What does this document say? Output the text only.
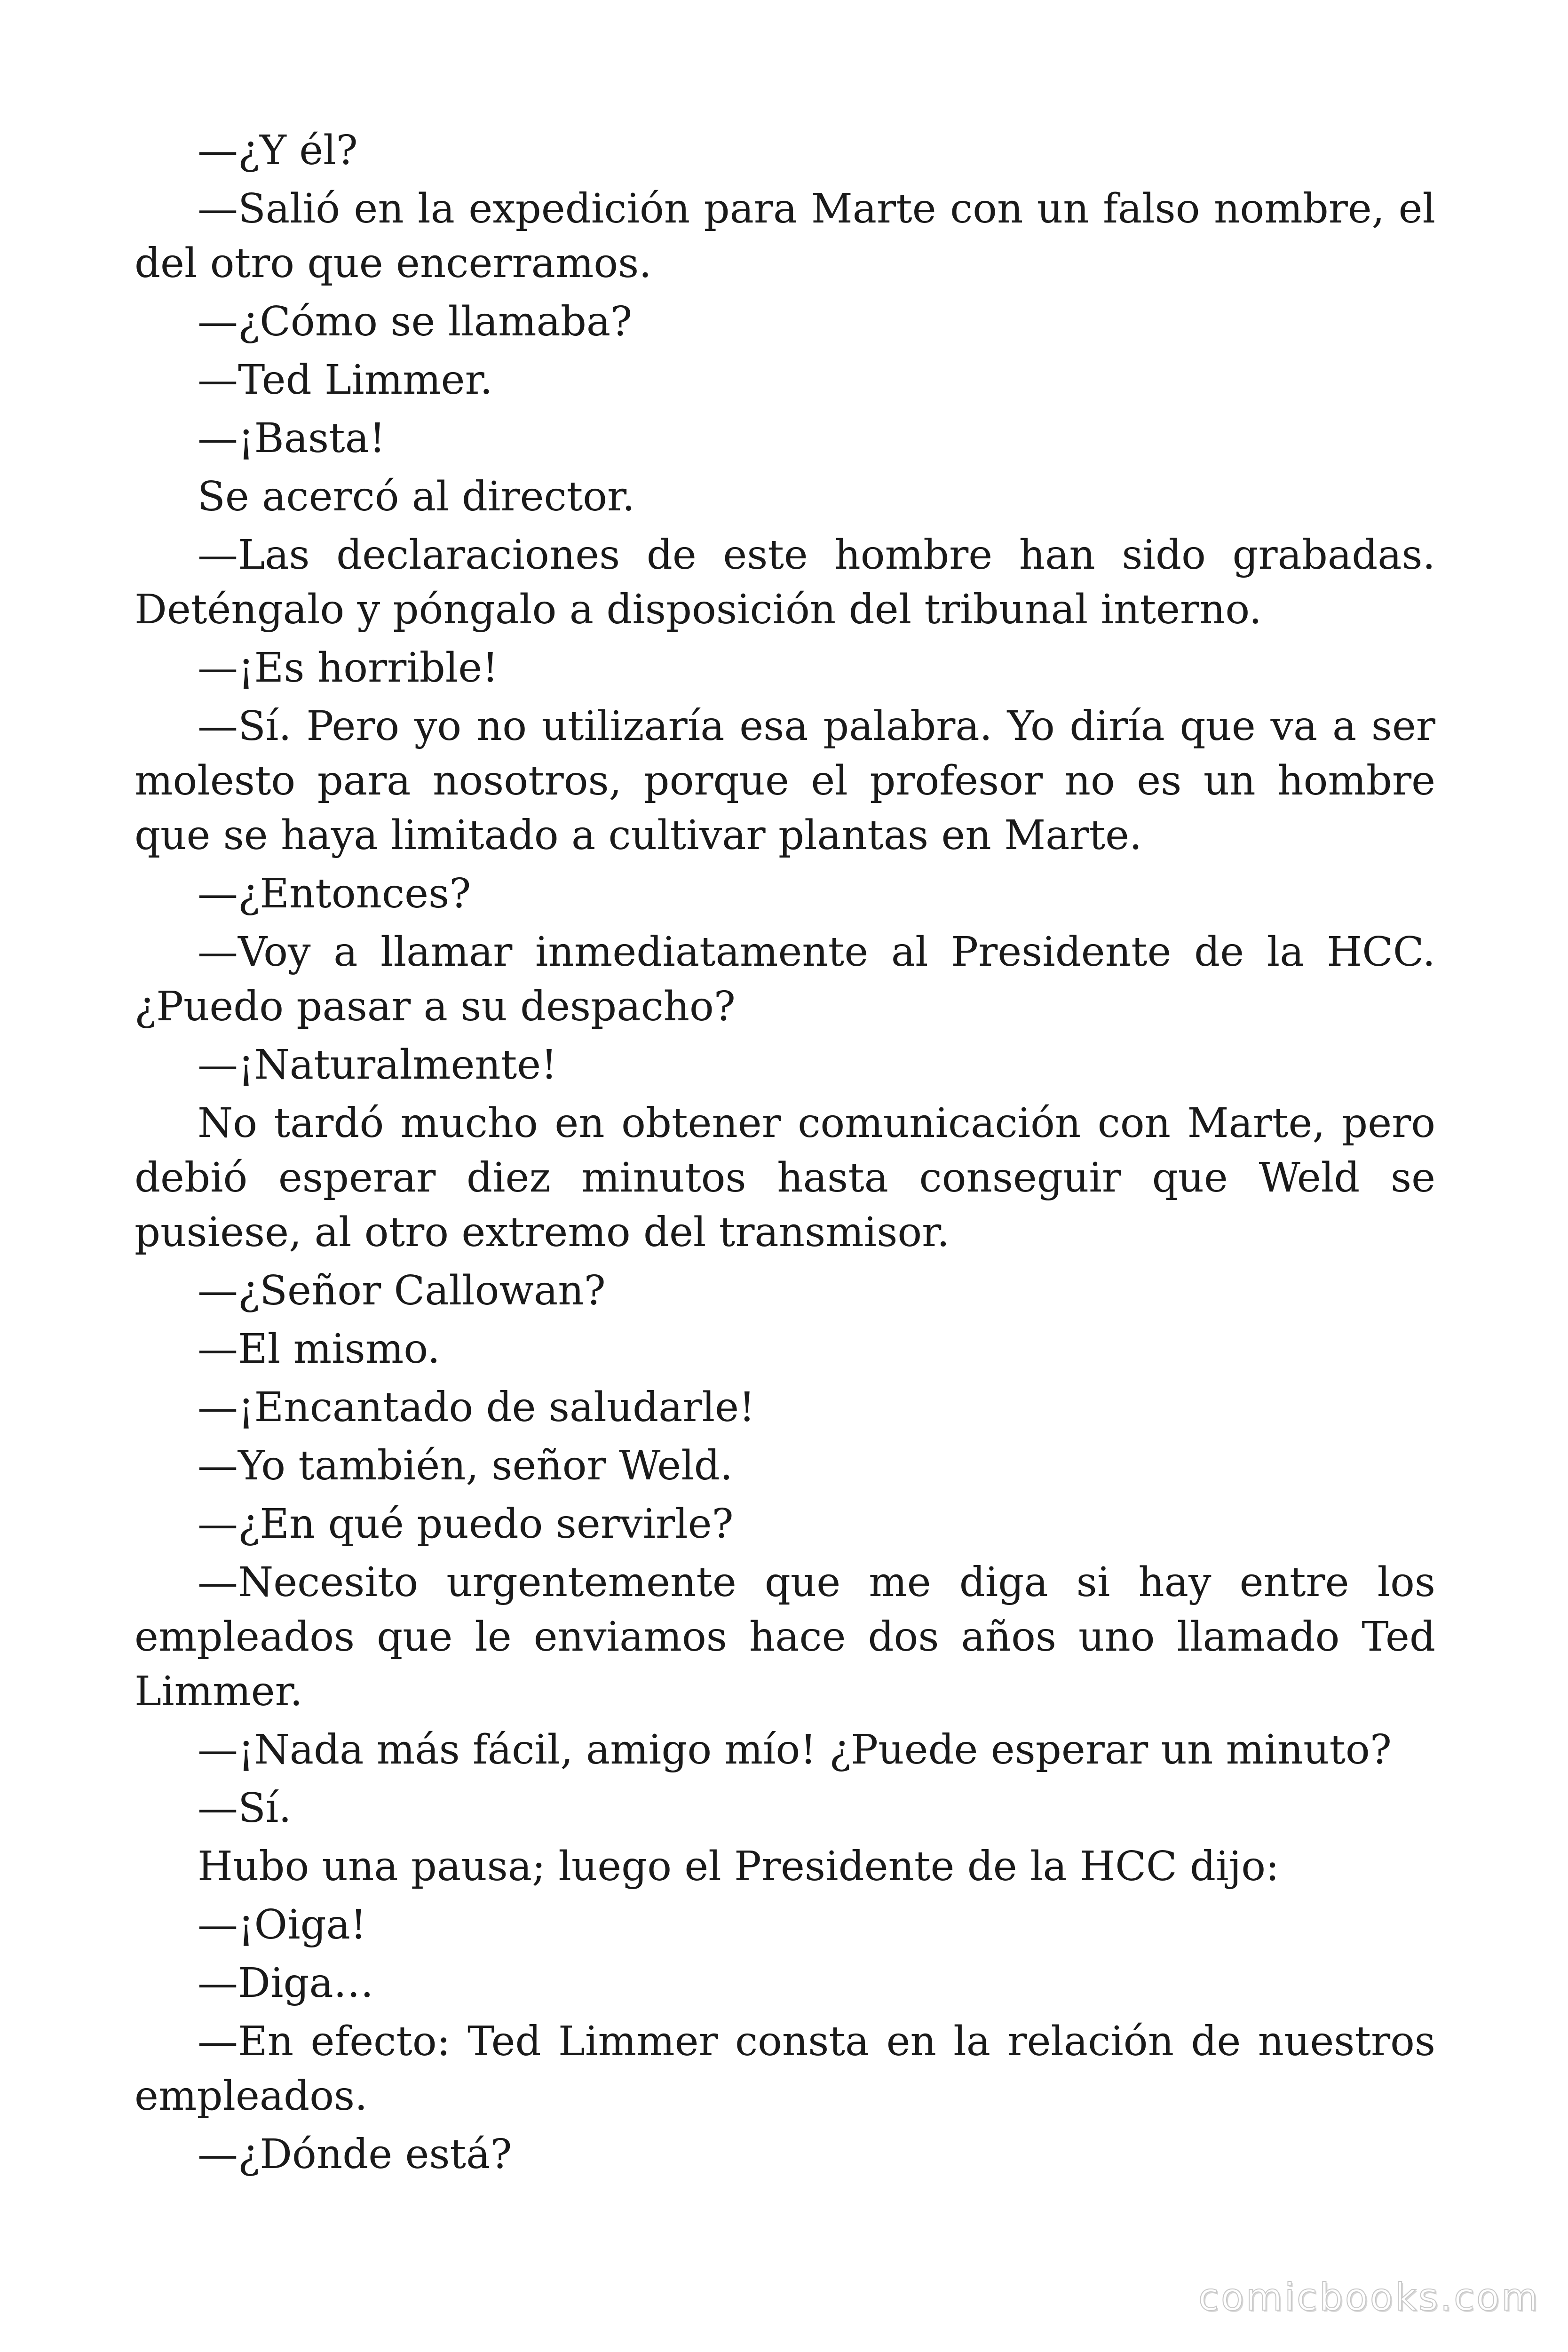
—¿Y él?

—Salió en la expedición para Marte con un falso nombre, el del otro que encerramos.

—¿Cómo se llamaba?

—Ted Limmer.

—¡Basta!

Se acercó al director.

—Las declaraciones de este hombre han sido grabadas. Deténgalo y póngalo a disposición del tribunal interno.

—¡Es horrible!

—Sí. Pero yo no utilizaría esa palabra. Yo diría que va a ser molesto para nosotros, porque el profesor no es un hombre que se haya limitado a cultivar plantas en Marte.

—¿Entonces?

—Voy a llamar inmediatamente al Presidente de la HCC. ¿Puedo pasar a su despacho?

—¡Naturalmente!

No tardó mucho en obtener comunicación con Marte, pero debió esperar diez minutos hasta conseguir que Weld se pusiese, al otro extremo del transmisor.

—¿Señor Callowan?

—El mismo.

—¡Encantado de saludarle!

—Yo también, señor Weld.

—¿En qué puedo servirle?

—Necesito urgentemente que me diga si hay entre los empleados que le enviamos hace dos años uno llamado Ted Limmer.

—¡Nada más fácil, amigo mío! ¿Puede esperar un minuto?

—Sí.

Hubo una pausa; luego el Presidente de la HCC dijo:

—¡Oiga!

—Diga…

—En efecto: Ted Limmer consta en la relación de nuestros empleados.

—¿Dónde está?

comicbooks.com
